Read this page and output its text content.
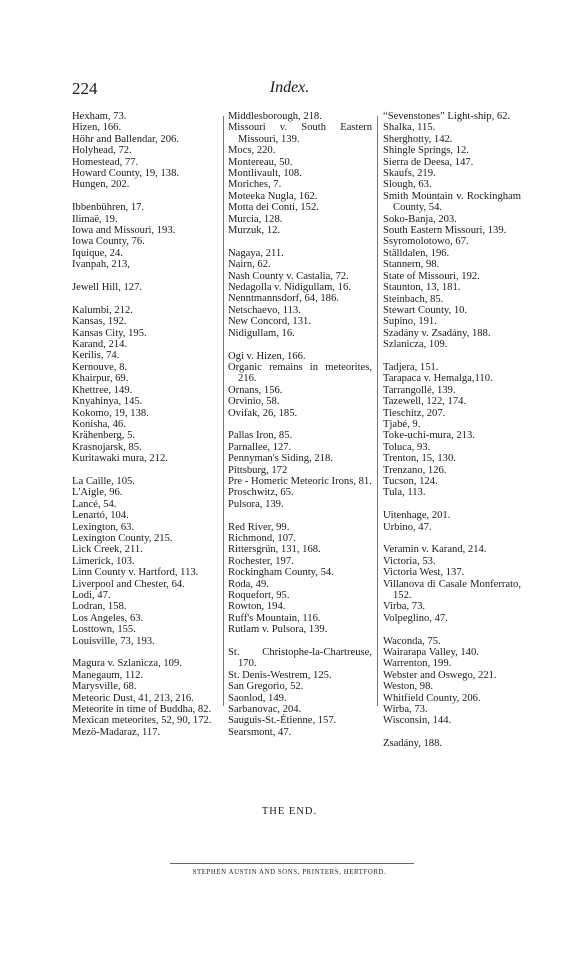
224	Index.
Hexham, 73.
Hizen, 166.
Höhr and Ballendar, 206.
Holyhead, 72.
Homestead, 77.
Howard County, 19, 138.
Hungen, 202.
Ibbenbühren, 17.
Ilimaë, 19.
Iowa and Missouri, 193.
Iowa County, 76.
Iquique, 24.
Ivanpah, 213,
Jewell Hill, 127.
Kalumbi, 212.
Kansas, 192.
Kansas City, 195.
Karand, 214.
Kerilis, 74.
Kernouve, 8.
Khairpur, 69.
Khettree, 149.
Knyahinya, 145.
Kokomo, 19, 138.
Konisha, 46.
Krähenberg, 5.
Krasnojarsk, 85.
Kuritawaki mura, 212.
La Caille, 105.
L'Aigle, 96.
Lancé, 54.
Lenartó, 104.
Lexington, 63.
Lexington County, 215.
Lick Creek, 211.
Limerick, 103.
Linn County v. Hartford, 113.
Liverpool and Chester, 64.
Lodi, 47.
Lodran, 158.
Los Angeles, 63.
Losttown, 155.
Louisville, 73, 193.
Magura v. Szlanicza, 109.
Manegaum, 112.
Marysville, 68.
Meteoric Dust, 41, 213, 216.
Meteorite in time of Buddha, 82.
Mexican meteorites, 52, 90, 172.
Mezö-Madaraz, 117.
Middlesborough, 218.
Missouri v. South Eastern Missouri, 139.
Mocs, 220.
Montereau, 50.
Montlivault, 108.
Moriches, 7.
Moteeka Nugla, 162.
Motta dei Conti, 152.
Murcia, 128.
Murzuk, 12.
Nagaya, 211.
Nairn, 62.
Nash County v. Castalia, 72.
Nedagolla v. Nidigullam, 16.
Nenntmannsdorf, 64, 186.
Netschaevo, 113.
New Concord, 131.
Nidigullam, 16.
Ogi v. Hizen, 166.
Organic remains in meteorites, 216.
Ornans, 156.
Orvinio, 58.
Ovifak, 26, 185.
Pallas Iron, 85.
Parnallee, 127.
Pennyman's Siding, 218.
Pittsburg, 172
Pre - Homeric Meteoric Irons, 81.
Proschwitz, 65.
Pulsora, 139.
Red River, 99.
Richmond, 107.
Rittersgrün, 131, 168.
Rochester, 197.
Rockingham County, 54.
Roda, 49.
Roquefort, 95.
Rowton, 194.
Ruff's Mountain, 116.
Rutlam v. Pulsora, 139.
St. Christophe-la-Chartreuse, 170.
St. Denis-Westrem, 125.
San Gregorio, 52.
Saonlod, 149.
Sarbanovac, 204.
Sauguis-St.-Étienne, 157.
Searsmont, 47.
“Sevenstones” Light-ship, 62.
Shalka, 115.
Sherghotty, 142.
Shingle Springs, 12.
Sierra de Deesa, 147.
Skaufs, 219.
Slough, 63.
Smith Mountain v. Rockingham County, 54.
Soko-Banja, 203.
South Eastern Missouri, 139.
Ssyromolotowo, 67.
Ställdalen, 196.
Stannern, 98.
State of Missouri, 192.
Staunton, 13, 181.
Steinbach, 85.
Stewart County, 10.
Supino, 191.
Szadány v. Zsadány, 188.
Szlanicza, 109.
Tadjera, 151.
Tarapaca v. Hemalga,110.
Tarrangollé, 139.
Tazewell, 122, 174.
Tieschitz, 207.
Tjabé, 9.
Toke-uchi-mura, 213.
Toluca, 93.
Trenton, 15, 130.
Trenzano, 126.
Tucson, 124.
Tula, 113.
Uitenhage, 201.
Urbino, 47.
Veramin v. Karand, 214.
Victoria, 53.
Victoria West, 137.
Villanova di Casale Monferrato, 152.
Virba, 73.
Volpeglino, 47.
Waconda, 75.
Wairarapa Valley, 140.
Warrenton, 199.
Webster and Oswego, 221.
Weston, 98.
Whitfield County, 206.
Wirba, 73.
Wisconsin, 144.
Zsadány, 188.
THE END.
STEPHEN AUSTIN AND SONS, PRINTERS, HERTFORD.
